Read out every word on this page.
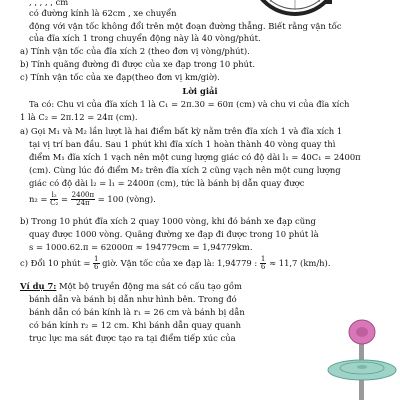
, , , , , cm
có đường kính là 62cm , xe chuyển
động với vận tốc không đổi trên một đoạn đường thẳng. Biết rằng vận tốc
của đĩa xích 1 trong chuyển động này là 40 vòng/phút.
a) Tính vận tốc của đĩa xích 2 (theo đơn vị vòng/phút).
b) Tính quãng đường đi được của xe đạp trong 10 phút.
c) Tính vận tốc của xe đạp(theo đơn vị km/giờ).
Lời giải
Ta có: Chu vi của đĩa xích 1 là C₁ = 2π.30 = 60π (cm) và chu vi của đĩa xích
1 là C₂ = 2π.12 = 24π (cm).
a) Gọi M₁ và M₂ lần lượt là hai điểm bất kỳ nằm trên đĩa xích 1 và đĩa xích 1
tại vị trí ban đầu. Sau 1 phút khi đĩa xích 1 hoàn thành 40 vòng quay thì
điểm M₁ đĩa xích 1 vạch nên một cung lượng giác có độ dài l₁ = 40C₁ = 2400π
(cm). Cùng lúc đó điểm M₂ trên đĩa xích 2 cũng vạch nên một cung lượng
giác có độ dài l₂ = l₁ = 2400π (cm), tức là bánh bị dẫn quay được
$n_2 = \frac{\text{l₂}}{\text{C₂}} = \frac{2400\pi}{24\pi} = 100$ (vòng).
b) Trong 10 phút đĩa xích 2 quay 1000 vòng, khi đó bánh xe đạp cũng
quay được 1000 vòng. Quãng đường xe đạp đi được trong 10 phút là
s = 1000.62.π = 62000π ≈ 194779cm = 1,94779km.
c) Đổi 10 phút = $\frac{1}{6}$ giờ. Vận tốc của xe đạp là: 1,94779 : $\frac{1}{6} \approx 11,7$ (km/h).
Ví dụ 7: Một bộ truyền động ma sát có cấu tạo gồm
bánh dẫn và bánh bị dẫn như hình bên. Trong đó
bánh dẫn có bán kính là r₁ = 26 cm và bánh bị dẫn
có bán kính r₂ = 12 cm. Khi bánh dẫn quay quanh
trục lực ma sát được tạo ra tại điểm tiếp xúc của
